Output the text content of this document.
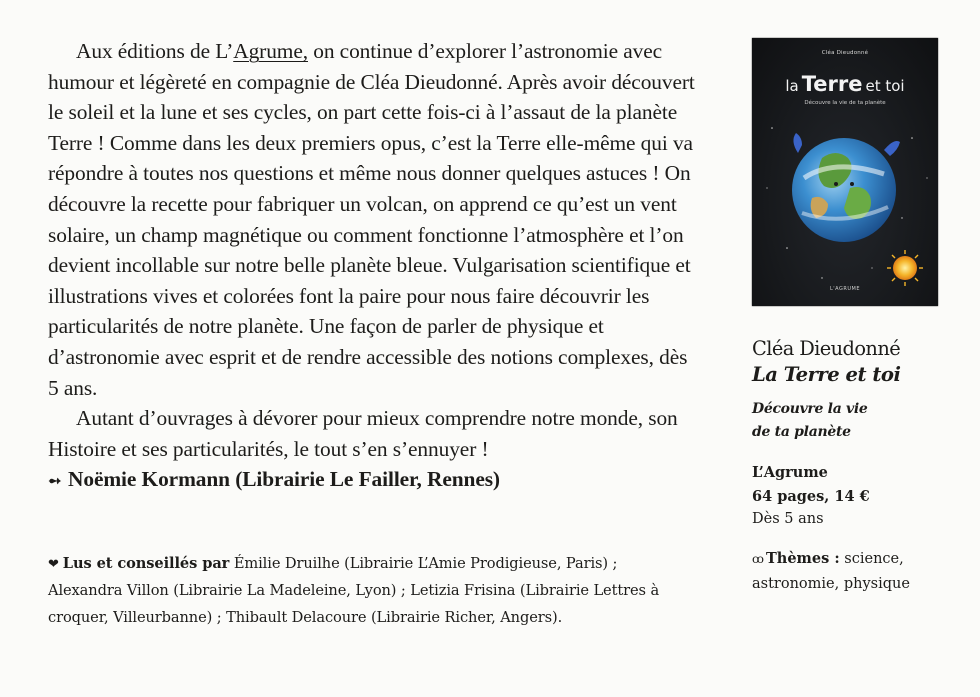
Aux éditions de L’Agrume, on continue d’explorer l’astronomie avec humour et légèreté en compagnie de Cléa Dieudonné. Après avoir découvert le soleil et la lune et ses cycles, on part cette fois-ci à l’assaut de la planète Terre ! Comme dans les deux premiers opus, c’est la Terre elle-même qui va répondre à toutes nos questions et même nous donner quelques astuces ! On découvre la recette pour fabriquer un volcan, on apprend ce qu’est un vent solaire, un champ magnétique ou comment fonctionne l’atmosphère et l’on devient incollable sur notre belle planète bleue. Vulgarisation scientifique et illustrations vives et colorées font la paire pour nous faire découvrir les particularités de notre planète. Une façon de parler de physique et d’astronomie avec esprit et de rendre accessible des notions complexes, dès 5 ans.

Autant d’ouvrages à dévorer pour mieux comprendre notre monde, son Histoire et ses particularités, le tout s’en s’ennuyer !

➻ Noëmie Kormann (Librairie Le Failler, Rennes)

❤ Lus et conseillés par Émilie Druilhe (Librairie L’Amie Prodigieuse, Paris) ; Alexandra Villon (Librairie La Madeleine, Lyon) ; Letizia Frisina (Librairie Lettres à croquer, Villeurbanne) ; Thibault Delacoure (Librairie Richer, Angers).
Cléa Dieudonné
la Terre et toi
Découvre la vie de ta planète
L'AGRUME
Cléa Dieudonné
La Terre et toi
Découvre la vie
de ta planète
L’Agrume
64 pages, 14 €
Dès 5 ans
ꝏ Thèmes : science, astronomie, physique
